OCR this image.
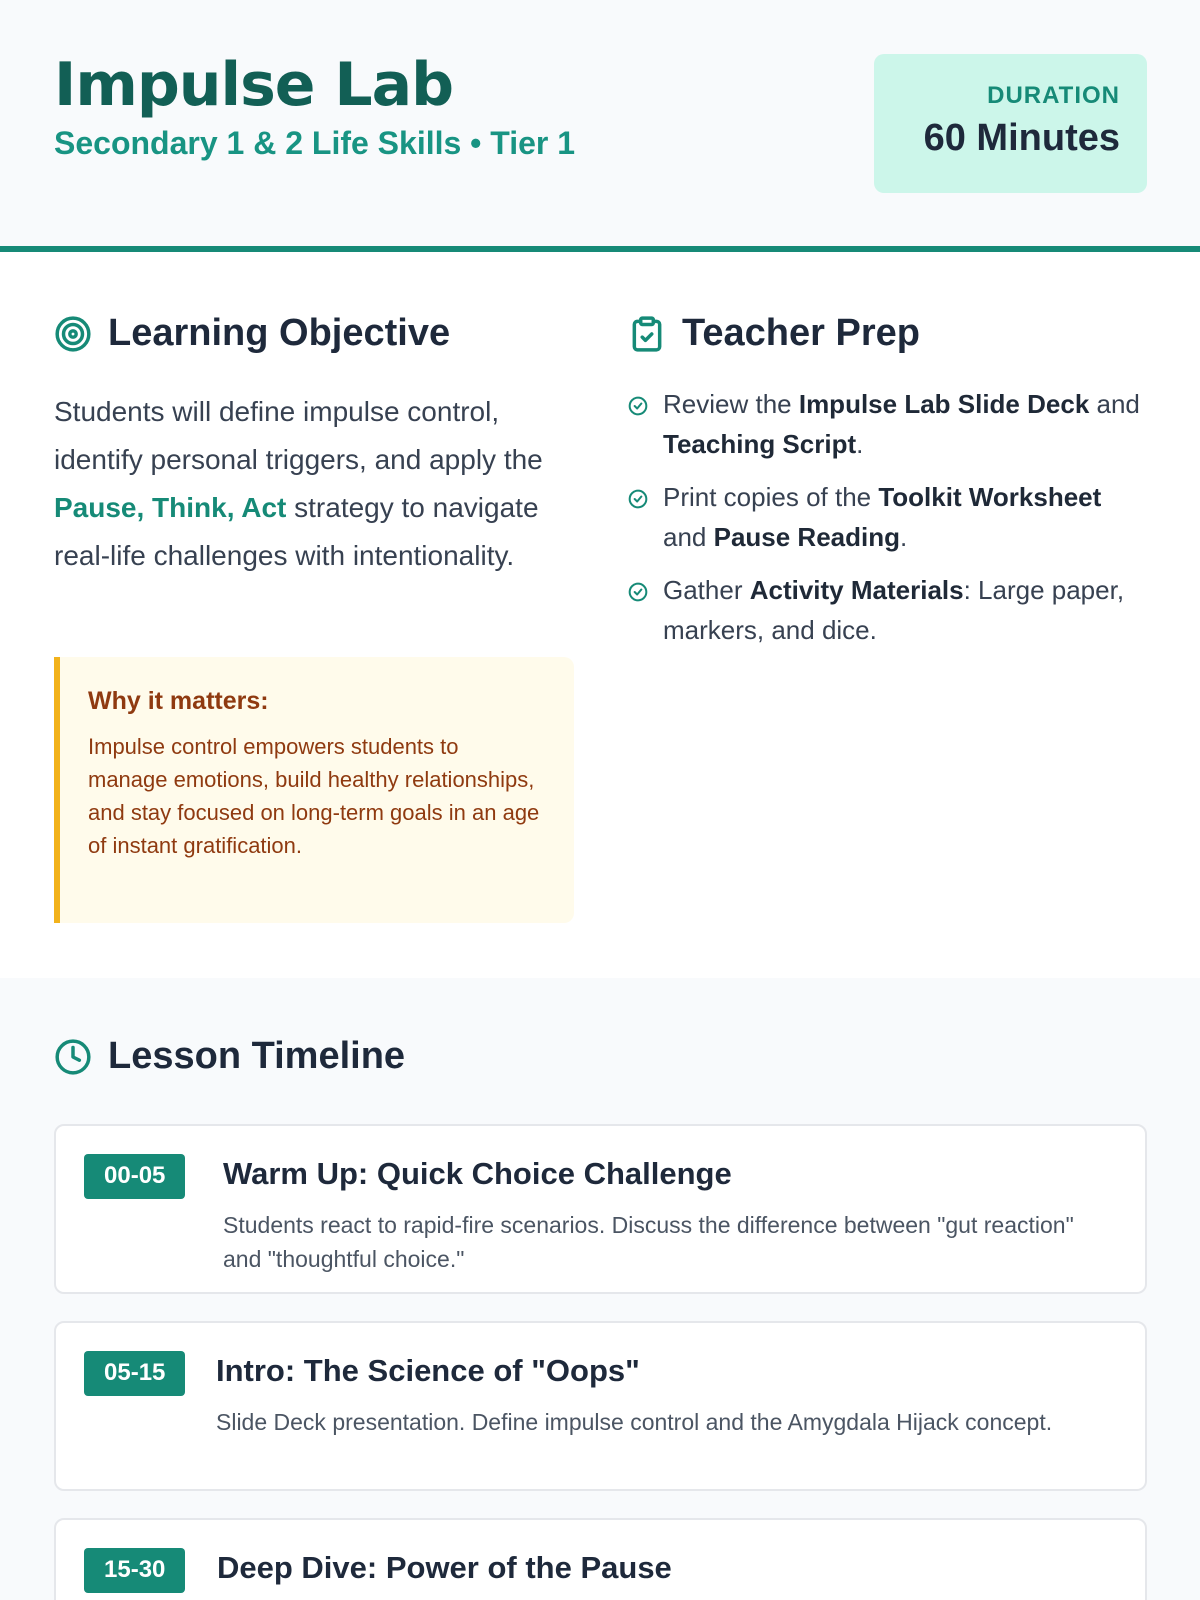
Impulse Lab
Secondary 1 & 2 Life Skills • Tier 1
DURATION
60 Minutes
Learning Objective

Students will define impulse control, identify personal triggers, and apply the Pause, Think, Act strategy to navigate real-life challenges with intentionality.

Why it matters:
Impulse control empowers students to manage emotions, build healthy relationships, and stay focused on long-term goals in an age of instant gratification.
Teacher Prep
Review the Impulse Lab Slide Deck and Teaching Script.
Print copies of the Toolkit Worksheet and Pause Reading.
Gather Activity Materials: Large paper, markers, and dice.
Lesson Timeline
00-05	Warm Up: Quick Choice Challenge
Students react to rapid-fire scenarios. Discuss the difference between "gut reaction" and "thoughtful choice."
05-15	Intro: The Science of "Oops"
Slide Deck presentation. Define impulse control and the Amygdala Hijack concept.
15-30	Deep Dive: Power of the Pause
